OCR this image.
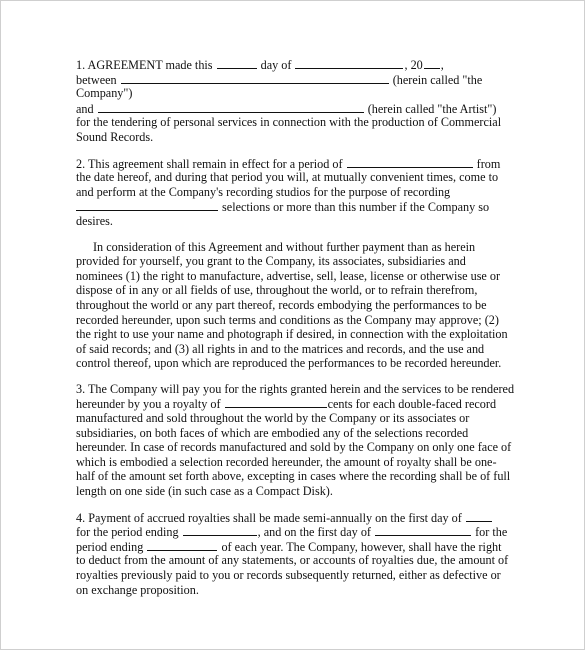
1. AGREEMENT made this	day of	, 20 ,
between	(herein called "the
Company")
and	(herein called "the Artist")
for the tendering of personal services in connection with the production of Commercial
Sound Records.
2. This agreement shall remain in effect for a period of	from
the date hereof, and during that period you will, at mutually convenient times, come to
and perform at the Company's recording studios for the purpose of recording
selections or more than this number if the Company so
desires.
In consideration of this Agreement and without further payment than as herein
provided for yourself, you grant to the Company, its associates, subsidiaries and
nominees (1) the right to manufacture, advertise, sell, lease, license or otherwise use or
dispose of in any or all fields of use, throughout the world, or to refrain therefrom,
throughout the world or any part thereof, records embodying the performances to be
recorded hereunder, upon such terms and conditions as the Company may approve; (2)
the right to use your name and photograph if desired, in connection with the exploitation
of said records; and (3) all rights in and to the matrices and records, and the use and
control thereof, upon which are reproduced the performances to be recorded hereunder.
3. The Company will pay you for the rights granted herein and the services to be rendered
hereunder by you a royalty of	cents for each double-faced record
manufactured and sold throughout the world by the Company or its associates or
subsidiaries, on both faces of which are embodied any of the selections recorded
hereunder. In case of records manufactured and sold by the Company on only one face of
which is embodied a selection recorded hereunder, the amount of royalty shall be one-
half of the amount set forth above, excepting in cases where the recording shall be of full
length on one side (in such case as a Compact Disk).
4. Payment of accrued royalties shall be made semi-annually on the first day of
for the period ending	, and on the first day of	for the
period ending	of each year. The Company, however, shall have the right
to deduct from the amount of any statements, or accounts of royalties due, the amount of
royalties previously paid to you or records subsequently returned, either as defective or
on exchange proposition.
